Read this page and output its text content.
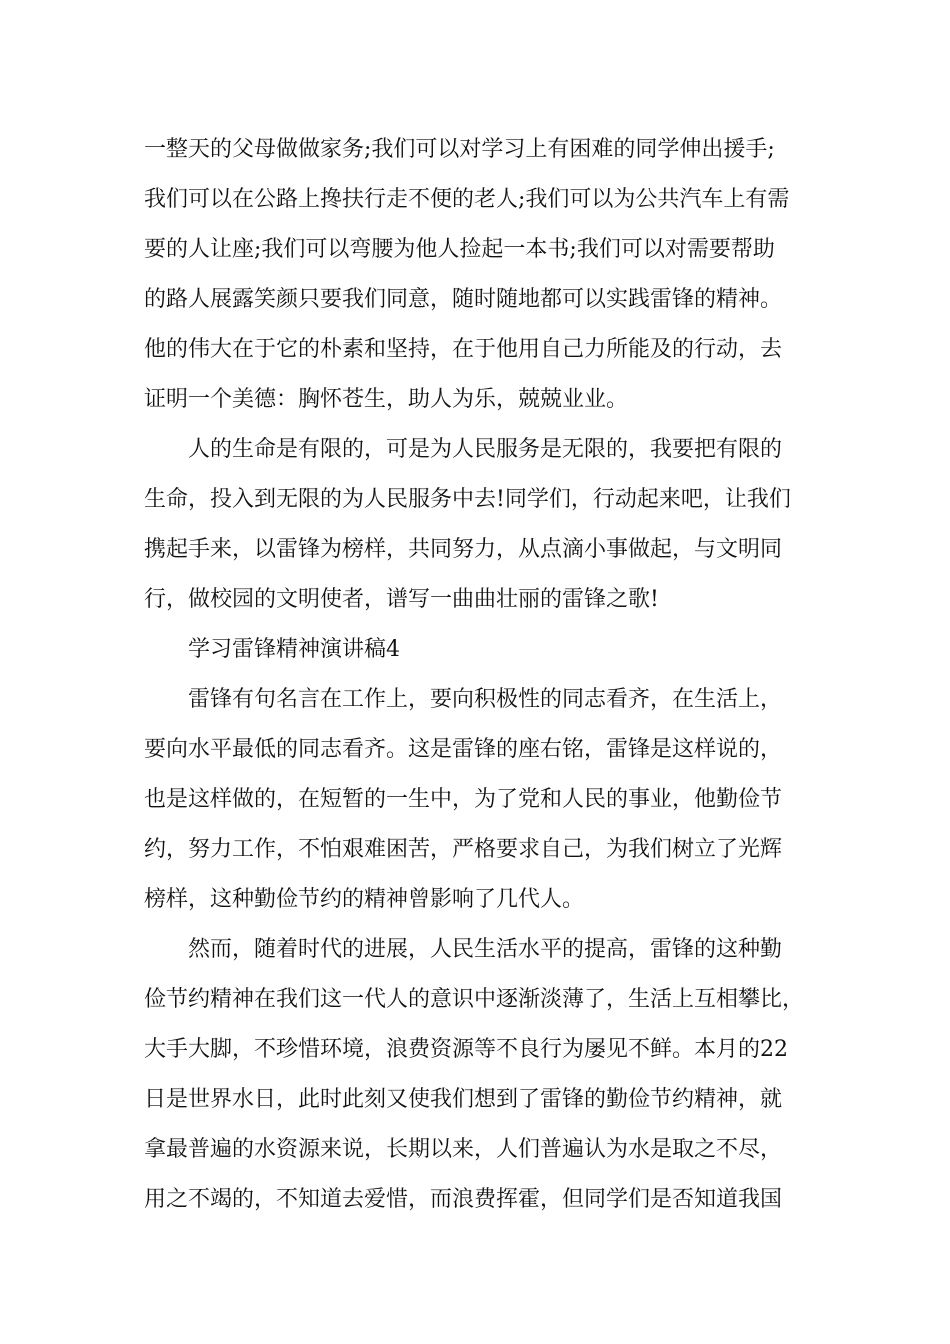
一整天的父母做做家务;我们可以对学习上有困难的同学伸出援手;
我们可以在公路上搀扶行走不便的老人;我们可以为公共汽车上有需
要的人让座;我们可以弯腰为他人捡起一本书;我们可以对需要帮助
的路人展露笑颜只要我们同意，随时随地都可以实践雷锋的精神。
他的伟大在于它的朴素和坚持，在于他用自己力所能及的行动，去
证明一个美德：胸怀苍生，助人为乐，兢兢业业。
人的生命是有限的，可是为人民服务是无限的，我要把有限的
生命，投入到无限的为人民服务中去!同学们，行动起来吧，让我们
携起手来，以雷锋为榜样，共同努力，从点滴小事做起，与文明同
行，做校园的文明使者，谱写一曲曲壮丽的雷锋之歌!
学习雷锋精神演讲稿4
雷锋有句名言在工作上，要向积极性的同志看齐，在生活上，
要向水平最低的同志看齐。这是雷锋的座右铭，雷锋是这样说的，
也是这样做的，在短暂的一生中，为了党和人民的事业，他勤俭节
约，努力工作，不怕艰难困苦，严格要求自己，为我们树立了光辉
榜样，这种勤俭节约的精神曾影响了几代人。
然而，随着时代的进展，人民生活水平的提高，雷锋的这种勤
俭节约精神在我们这一代人的意识中逐渐淡薄了，生活上互相攀比，
大手大脚，不珍惜环境，浪费资源等不良行为屡见不鲜。本月的22
日是世界水日，此时此刻又使我们想到了雷锋的勤俭节约精神，就
拿最普遍的水资源来说，长期以来，人们普遍认为水是取之不尽，
用之不竭的，不知道去爱惜，而浪费挥霍，但同学们是否知道我国
